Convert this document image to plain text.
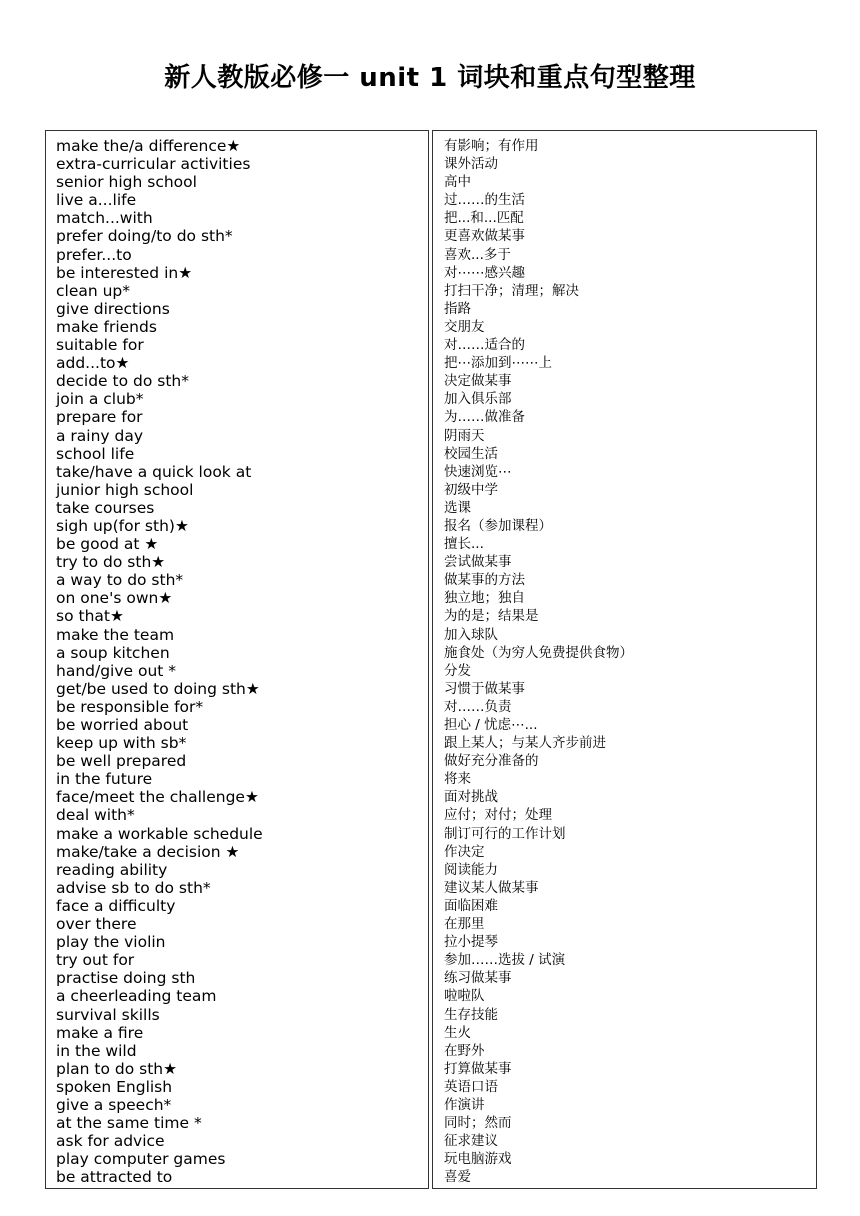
新人教版必修一 unit 1 词块和重点句型整理
make the/a difference★
extra-curricular activities
senior high school
live a...life
match...with
prefer doing/to do sth*
prefer...to
be interested in★
clean up*
give directions
make friends
suitable for
add...to★
decide to do sth*
join a club*
prepare for
a rainy day
school life
take/have a quick look at
junior high school
take courses
sigh up(for sth)★
be good at ★
try to do sth★
a way to do sth*
on one's own★
so that★
make the team
a soup kitchen
hand/give out *
get/be used to doing sth★
be responsible for*
be worried about
keep up with sb*
be well prepared
in the future
face/meet the challenge★
deal with*
make a workable schedule
make/take a decision ★
reading ability
advise sb to do sth*
face a difficulty
over there
play the violin
try out for
practise doing sth
a cheerleading team
survival skills
make a fire
in the wild
plan to do sth★
spoken English
give a speech*
at the same time *
ask for advice
play computer games
be attracted to
有影响；有作用
课外活动
高中
过……的生活
把...和...匹配
更喜欢做某事
喜欢...多于
对⋯⋯感兴趣
打扫干净；清理；解决
指路
交朋友
对……适合的
把⋯添加到⋯⋯上
决定做某事
加入俱乐部
为……做准备
阴雨天
校园生活
快速浏览⋯
初级中学
选课
报名（参加课程）
擅长...
尝试做某事
做某事的方法
独立地；独自
为的是；结果是
加入球队
施食处（为穷人免费提供食物）
分发
习惯于做某事
对……负责
担心 / 忧虑⋯...
跟上某人；与某人齐步前进
做好充分准备的
将来
面对挑战
应付；对付；处理
制订可行的工作计划
作决定
阅读能力
建议某人做某事
面临困难
在那里
拉小提琴
参加……选拔 / 试演
练习做某事
啦啦队
生存技能
生火
在野外
打算做某事
英语口语
作演讲
同时；然而
征求建议
玩电脑游戏
喜爱
